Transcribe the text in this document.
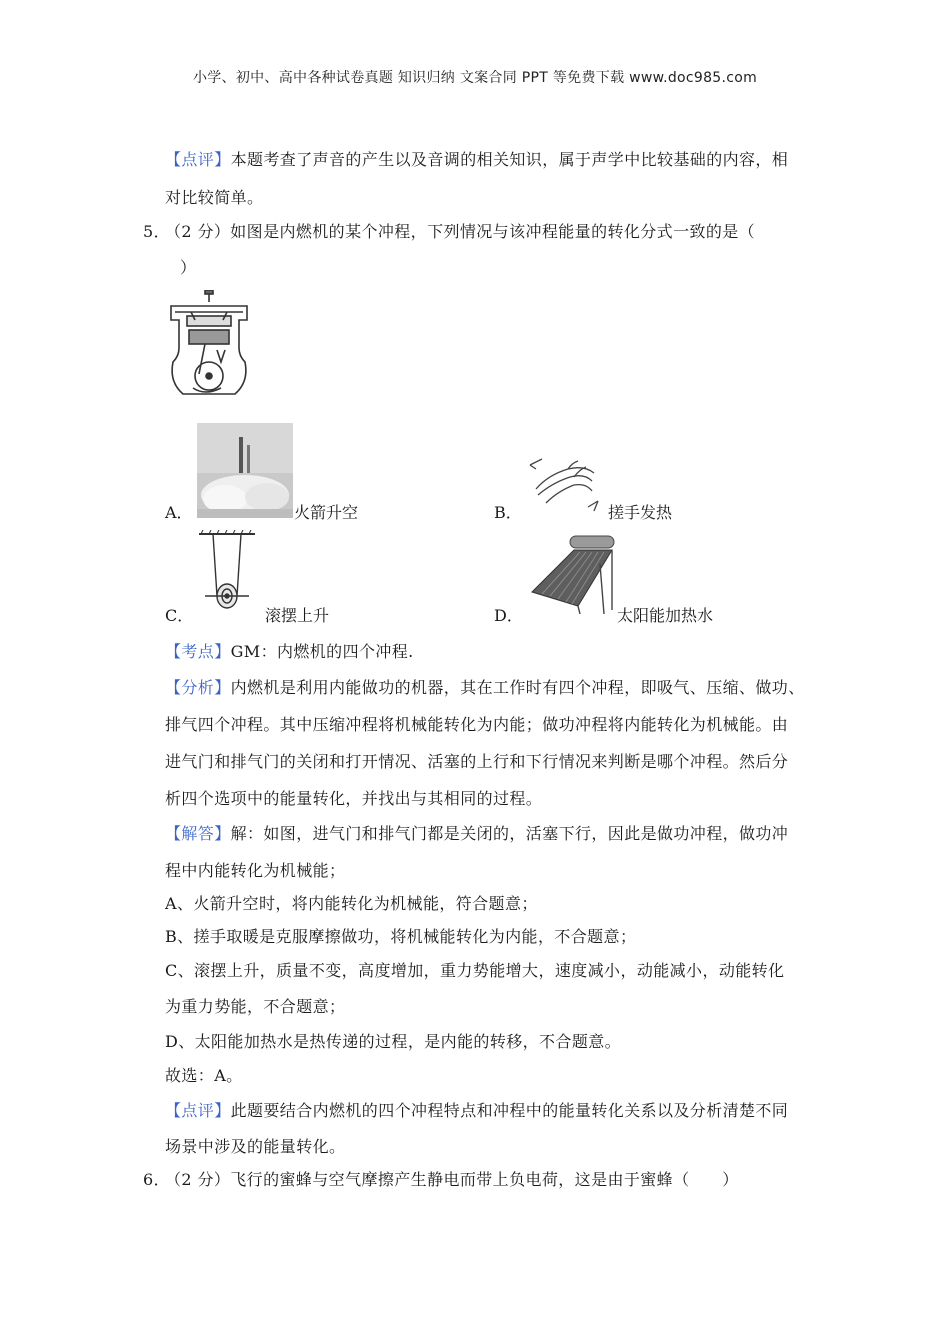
小学、初中、高中各种试卷真题 知识归纳 文案合同 PPT 等免费下载 www.doc985.com
【点评】本题考查了声音的产生以及音调的相关知识，属于声学中比较基础的内容，相
对比较简单。
5．
（2 分）如图是内燃机的某个冲程，下列情况与该冲程能量的转化分式一致的是（
）
A．	火箭升空	B．	搓手发热
C．	滚摆上升	D．	太阳能加热水
【考点】GM：内燃机的四个冲程.
【分析】内燃机是利用内能做功的机器，其在工作时有四个冲程，即吸气、压缩、做功、
排气四个冲程。其中压缩冲程将机械能转化为内能；做功冲程将内能转化为机械能。由
进气门和排气门的关闭和打开情况、活塞的上行和下行情况来判断是哪个冲程。然后分
析四个选项中的能量转化，并找出与其相同的过程。
【解答】解：如图，进气门和排气门都是关闭的，活塞下行，因此是做功冲程，做功冲
程中内能转化为机械能；
A、火箭升空时，将内能转化为机械能，符合题意；
B、搓手取暖是克服摩擦做功，将机械能转化为内能，不合题意；
C、滚摆上升，质量不变，高度增加，重力势能增大，速度减小，动能减小，动能转化
为重力势能，不合题意；
D、太阳能加热水是热传递的过程，是内能的转移，不合题意。
故选：A。
【点评】此题要结合内燃机的四个冲程特点和冲程中的能量转化关系以及分析清楚不同
场景中涉及的能量转化。
6．
（2 分）飞行的蜜蜂与空气摩擦产生静电而带上负电荷，这是由于蜜蜂（　　）
